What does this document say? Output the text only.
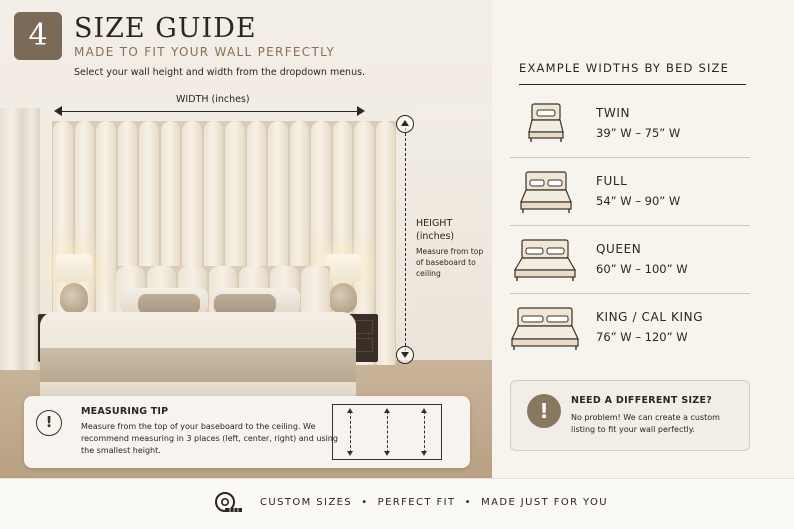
4 SIZE GUIDE
MADE TO FIT YOUR WALL PERFECTLY
Select your wall height and width from the dropdown menus.
WIDTH (inches)
HEIGHT
(inches)
Measure from top of baseboard to ceiling
!
MEASURING TIP
Measure from the top of your baseboard to the ceiling. We recommend measuring in 3 places (left, center, right) and using the smallest height.
EXAMPLE WIDTHS BY BED SIZE
TWIN
39” W – 75” W
FULL
54” W – 90” W
QUEEN
60” W – 100” W
KING / CAL KING
76” W – 120” W
!	NEED A DIFFERENT SIZE?
No problem! We can create a custom listing to fit your wall perfectly.
CUSTOM SIZES  •  PERFECT FIT  •  MADE JUST FOR YOU
